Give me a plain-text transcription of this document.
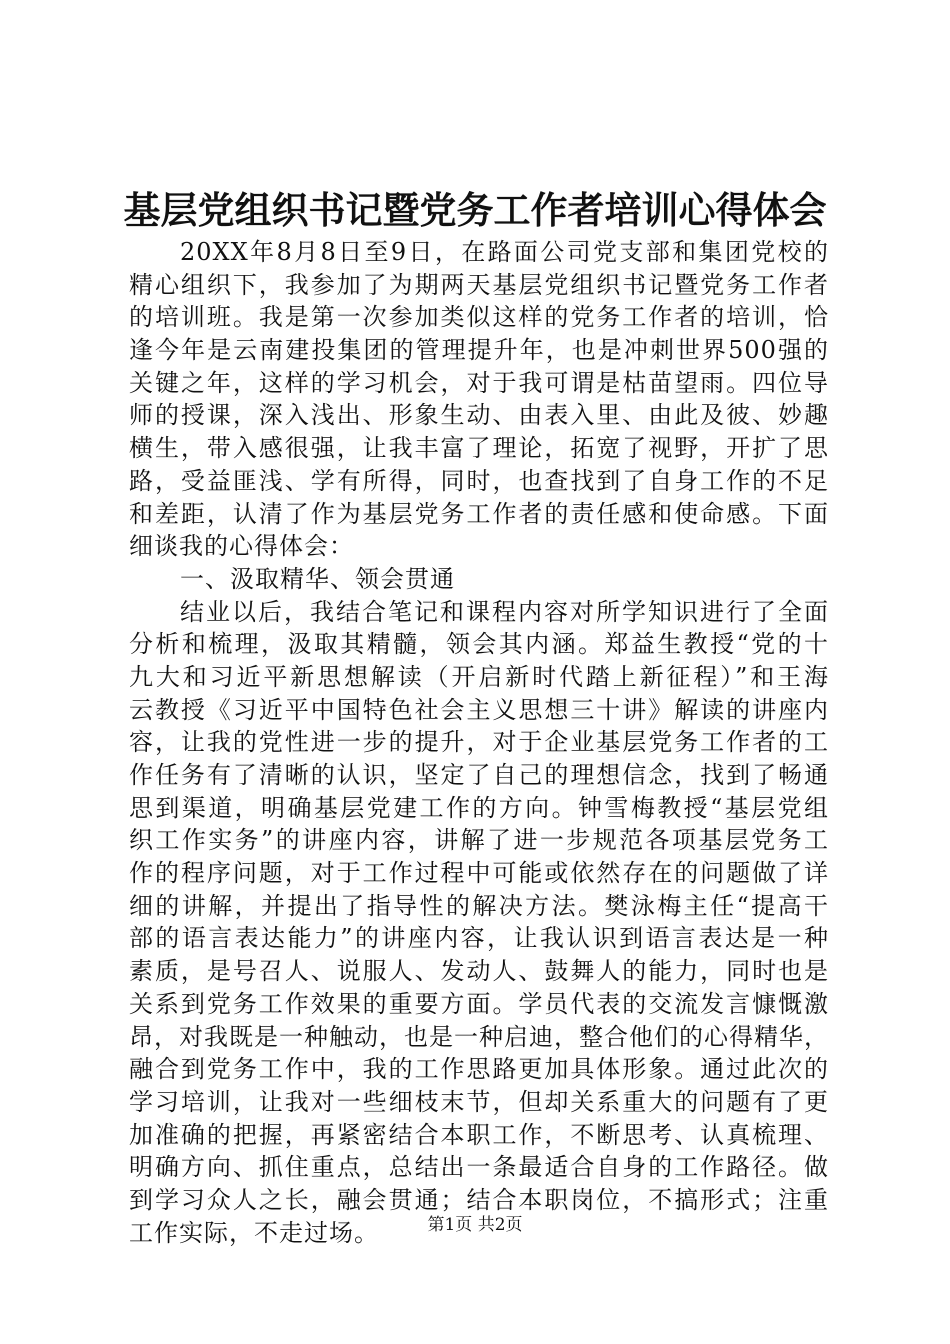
基层党组织书记暨党务工作者培训心得体会
20XX年8月8日至9日，在路面公司党支部和集团党校的
精心组织下，我参加了为期两天基层党组织书记暨党务工作者
的培训班。我是第一次参加类似这样的党务工作者的培训，恰
逢今年是云南建投集团的管理提升年，也是冲刺世界500强的
关键之年，这样的学习机会，对于我可谓是枯苗望雨。四位导
师的授课，深入浅出、形象生动、由表入里、由此及彼、妙趣
横生，带入感很强，让我丰富了理论，拓宽了视野，开扩了思
路，受益匪浅、学有所得，同时，也查找到了自身工作的不足
和差距，认清了作为基层党务工作者的责任感和使命感。下面
细谈我的心得体会：
一、汲取精华、领会贯通
结业以后，我结合笔记和课程内容对所学知识进行了全面
分析和梳理，汲取其精髓，领会其内涵。郑益生教授“党的十
九大和习近平新思想解读（开启新时代踏上新征程）”和王海
云教授《习近平中国特色社会主义思想三十讲》解读的讲座内
容，让我的党性进一步的提升，对于企业基层党务工作者的工
作任务有了清晰的认识，坚定了自己的理想信念，找到了畅通
思到渠道，明确基层党建工作的方向。钟雪梅教授“基层党组
织工作实务”的讲座内容，讲解了进一步规范各项基层党务工
作的程序问题，对于工作过程中可能或依然存在的问题做了详
细的讲解，并提出了指导性的解决方法。樊泳梅主任“提高干
部的语言表达能力”的讲座内容，让我认识到语言表达是一种
素质，是号召人、说服人、发动人、鼓舞人的能力，同时也是
关系到党务工作效果的重要方面。学员代表的交流发言慷慨激
昂，对我既是一种触动，也是一种启迪，整合他们的心得精华，
融合到党务工作中，我的工作思路更加具体形象。通过此次的
学习培训，让我对一些细枝末节，但却关系重大的问题有了更
加准确的把握，再紧密结合本职工作，不断思考、认真梳理、
明确方向、抓住重点，总结出一条最适合自身的工作路径。做
到学习众人之长，融会贯通；结合本职岗位，不搞形式；注重
工作实际，不走过场。	第1页 共2页
